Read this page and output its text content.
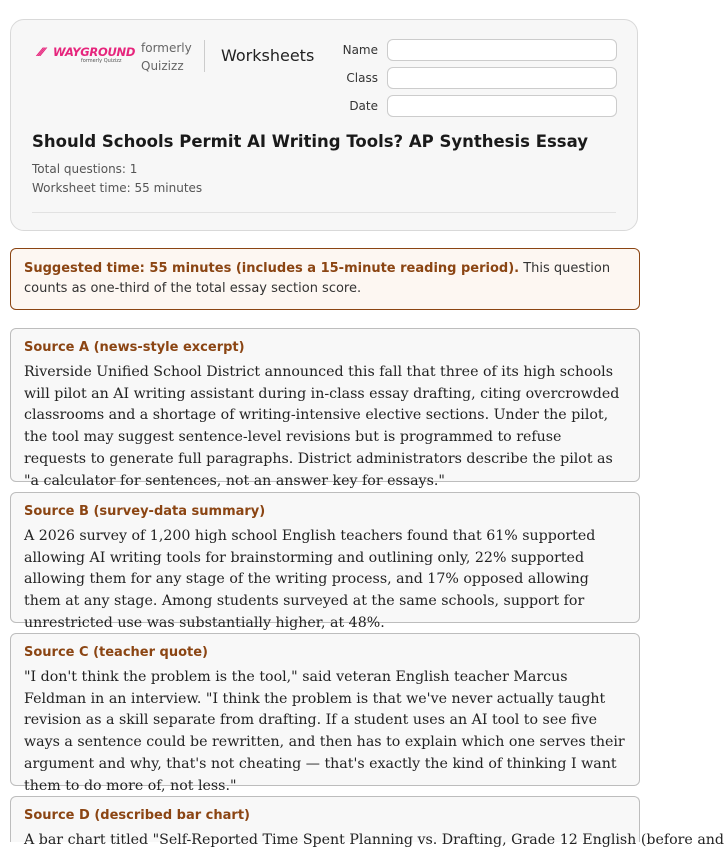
⁄⁄⁄ WAYGROUND
formerly Quizizz
formerly
Quizizz
Worksheets	Name
Class
Date
Should Schools Permit AI Writing Tools? AP Synthesis Essay
Total questions: 1
Worksheet time: 55 minutes
Suggested time: 55 minutes (includes a 15-minute reading period). This question counts as one-third of the total essay section score.
Source A (news-style excerpt)

Riverside Unified School District announced this fall that three of its high schools will pilot an AI writing assistant during in-class essay drafting, citing overcrowded classrooms and a shortage of writing-intensive elective sections. Under the pilot, the tool may suggest sentence-level revisions but is programmed to refuse requests to generate full paragraphs. District administrators describe the pilot as "a calculator for sentences, not an answer key for essays."

Source B (survey-data summary)

A 2026 survey of 1,200 high school English teachers found that 61% supported allowing AI writing tools for brainstorming and outlining only, 22% supported allowing them for any stage of the writing process, and 17% opposed allowing them at any stage. Among students surveyed at the same schools, support for unrestricted use was substantially higher, at 48%.

Source C (teacher quote)

"I don't think the problem is the tool," said veteran English teacher Marcus Feldman in an interview. "I think the problem is that we've never actually taught revision as a skill separate from drafting. If a student uses an AI tool to see five ways a sentence could be rewritten, and then has to explain which one serves their argument and why, that's not cheating — that's exactly the kind of thinking I want them to do more of, not less."

Source D (described bar chart)

A bar chart titled "Self-Reported Time Spent Planning vs. Drafting, Grade 12 English (before and
